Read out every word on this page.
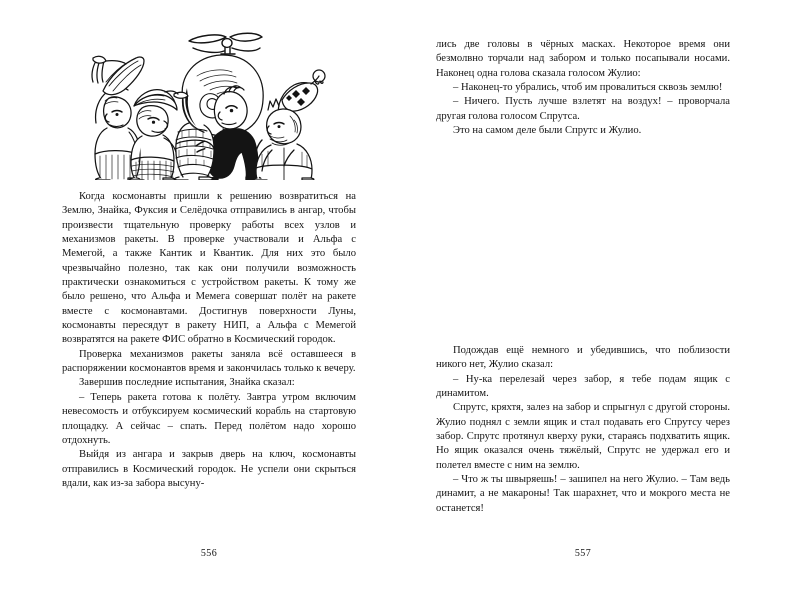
Когда космонавты пришли к решению возвратиться на Землю, Знайка, Фуксия и Селёдочка отправились в ангар, чтобы произвести тщательную проверку работы всех узлов и механизмов ракеты. В проверке участвовали и Альфа с Мемегой, а также Кантик и Квантик. Для них это было чрезвычайно полезно, так как они получили возможность практически ознакомиться с устройством ракеты. К тому же было решено, что Альфа и Мемега совершат полёт на ракете вместе с космонавтами. Достигнув поверхности Луны, космонавты пересядут в ракету НИП, а Альфа с Мемегой возвратятся на ракете ФИС обратно в Космический городок.

Проверка механизмов ракеты заняла всё оставшееся в распоряжении космонавтов время и закончилась только к вечеру.

Завершив последние испытания, Знайка сказал:

– Теперь ракета готова к полёту. Завтра утром включим невесомость и отбуксируем космический корабль на стартовую площадку. А сейчас – спать. Перед полётом надо хорошо отдохнуть.

Выйдя из ангара и закрыв дверь на ключ, космонавты отправились в Космический городок. Не успели они скрыться вдали, как из-за забора высуну-

556

лись две головы в чёрных масках. Некоторое время они безмолвно торчали над забором и только посапывали носами. Наконец одна голова сказала голосом Жулио:

– Наконец-то убрались, чтоб им провалиться сквозь землю!

– Ничего. Пусть лучше взлетят на воздух! – проворчала другая голова голосом Спрутса.

Это на самом деле были Спрутс и Жулио.

Подождав ещё немного и убедившись, что поблизости никого нет, Жулио сказал:

– Ну-ка перелезай через забор, я тебе подам ящик с динамитом.

Спрутс, кряхтя, залез на забор и спрыгнул с другой стороны. Жулио поднял с земли ящик и стал подавать его Спрутсу через забор. Спрутс протянул кверху руки, стараясь подхватить ящик. Но ящик оказался очень тяжёлый, Спрутс не удержал его и полетел вместе с ним на землю.

– Что ж ты швыряешь! – зашипел на него Жулио. – Там ведь динамит, а не макароны! Так шарахнет, что и мокрого места не останется!

557
